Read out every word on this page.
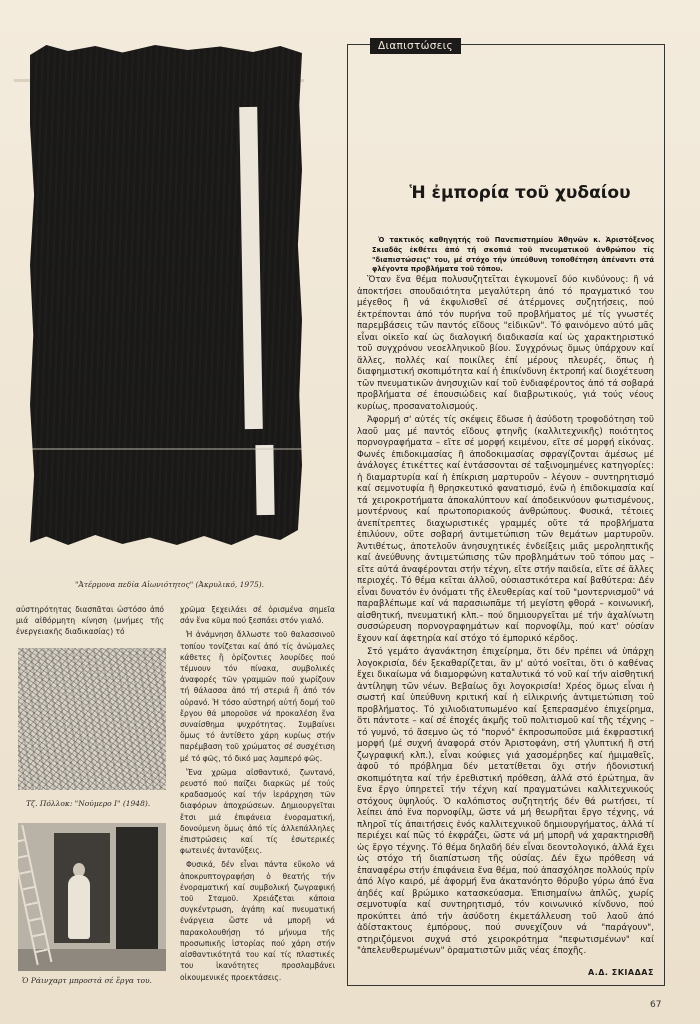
"Ἀτέρμονα πεδία Αἰωνιότητος" (Ἀκρυλικό, 1975).

αὐστηρότητας διασπᾶται ὡστόσο ἀπό μιά αἰθόρμητη κίνηση (μνήμες τῆς ἐνεργειακῆς διαδικασίας) τό

Τζ. Πόλλοκ: "Νούμερο Ι" (1948).
Ὁ Ράινχαρτ μπροστά σέ ἔργα του.

χρῶμα ξεχειλάει σέ ὁρισμένα σημεῖα σάν ἕνα κῦμα πού ξεσπάει στόν γιαλό.

Ἡ ἀνάμνηση ἄλλωστε τοῦ θαλασσινοῦ τοπίου τονίζεται καί ἀπό τίς ἀνώμαλες κάθετες ἢ ὁρίζοντιες λουρίδες πού τέμνουν τόν πίνακα, συμβολικές ἀναφορές τῶν γραμμῶν πού χωρίζουν τή θάλασσα ἀπό τή στεριά ἢ ἀπό τόν οὐρανό. Ἡ τόσο αὐστηρή αὐτή δομή τοῦ ἔργου θά μποροῦσε νά προκαλέση ἕνα συναίσθημα ψυχρότητας. Συμβαίνει ὅμως τό ἀντίθετο χάρη κυρίως στήν παρέμβαση τοῦ χρώματος σέ συσχέτιση μέ τό φῶς, τό δικό μας λαμπερό φῶς.

Ἕνα χρῶμα αἰσθαντικό, ζωντανό, ρευστό πού παίζει διαρκῶς μέ τούς κραδασμούς καί τήν ἱεράρχηση τῶν διαφόρων ἀποχρώσεων. Δημιουργεῖται ἔτσι μιά ἐπιφάνεια ἐνοραματική, δονούμενη ὅμως ἀπό τίς ἀλλεπάλληλες ἐπιστρώσεις καί τίς ἐσωτερικές φωτεινές ἀντανύξεις.

Φυσικά, δέν εἶναι πάντα εὔκολο νά ἀποκρυπτογραφήση ὁ θεατής τήν ἐνοραματική καί συμβολική ζωγραφική τοῦ Σταμοῦ. Χρειάζεται κάποια συγκέντρωση, ἀγάπη καί πνευματική ἐνάργεια ὥστε νά μπορῆ νά παρακολουθήσῃ τό μήνυμα τῆς προσωπικῆς ἱστορίας πού χάρη στήν αἰσθαντικότητά του καί τίς πλαστικές του ἱκανότητες προσλαμβάνει οἰκουμενικές προεκτάσεις.

Διαπιστώσεις
Ἡ ἐμπορία τοῦ χυδαίου
Ὁ τακτικός καθηγητής τοῦ Πανεπιστημίου Ἀθηνῶν κ. Ἀριστόξενος Σκιαδᾶς ἐκθέτει ἀπό τή σκοπιά τοῦ πνευματικοῦ ἀνθρώπου τίς "διαπιστώσεις" του, μέ στόχο τήν ὑπεύθυνη τοποθέτηση ἀπέναντι στά φλέγοντα προβλήματα τοῦ τόπου.

Ὅταν ἕνα θέμα πολυσυζητεῖται ἐγκυμονεῖ δύο κινδύνους: ἢ νά ἀποκτήσει σπουδαιότητα μεγαλύτερη ἀπό τό πραγματικό του μέγεθος ἢ νά ἐκφυλισθεῖ σέ ἀτέρμονες συζητήσεις, πού ἐκτρέπονται ἀπό τόν πυρήνα τοῦ προβλήματος μέ τίς γνωστές παρεμβάσεις τῶν παντός εἴδους "εἰδικῶν". Τό φαινόμενο αὐτό μᾶς εἶναι οἰκεῖο καί ὡς διαλογική διαδικασία καί ὡς χαρακτηριστικό τοῦ συγχρόνου νεοελληνικοῦ βίου. Συγχρόνως ὅμως ὑπάρχουν καί ἄλλες, πολλές καί ποικίλες ἐπί μέρους πλευρές, ὅπως ἡ διαφημιστική σκοπιμότητα καί ἡ ἐπικίνδυνη ἐκτροπή καί διοχέτευση τῶν πνευματικῶν ἀνησυχιῶν καί τοῦ ἐνδιαφέροντος ἀπό τά σοβαρά προβλήματα σέ ἐπουσιώδεις καί διαβρωτικούς, γιά τούς νέους κυρίως, προσανατολισμούς.

Ἀφορμή σ' αὐτές τίς σκέψεις ἔδωσε ἡ ἀσύδοτη τροφοδότηση τοῦ λαοῦ μας μέ παντός εἴδους φτηνῆς (καλλιτεχνικῆς) ποιότητος πορνογραφήματα – εἴτε σέ μορφή κειμένου, εἴτε σέ μορφή εἰκόνας. Φωνές ἐπιδοκιμασίας ἢ ἀποδοκιμασίας σφραγίζονται ἀμέσως μέ ἀνάλογες ἐτικέττες καί ἐντάσσονται σέ ταξινομημένες κατηγορίες: ἡ διαμαρτυρία καί ἡ ἐπίκριση μαρτυροῦν – λέγουν – συντηρητισμό καί σεμνοτυφία ἢ θρησκευτικό φανατισμό, ἐνῶ ἡ ἐπιδοκιμασία καί τά χειροκροτήματα ἀποκαλύπτουν καί ἀποδεικνύουν φωτισμένους, μοντέρνους καί πρωτοποριακούς ἀνθρώπους. Φυσικά, τέτοιες ἀνεπίτρεπτες διαχωριστικές γραμμές οὔτε τά προβλήματα ἐπιλύουν, οὔτε σοβαρή ἀντιμετώπιση τῶν θεμάτων μαρτυροῦν. Ἀντιθέτως, ἀποτελοῦν ἀνησυχητικές ἐνδείξεις μιᾶς μεροληπτικῆς καί ἀνεύθυνης ἀντιμετώπισης τῶν προβλημάτων τοῦ τόπου μας – εἴτε αὐτά ἀναφέρονται στήν τέχνη, εἴτε στήν παιδεία, εἴτε σέ ἄλλες περιοχές. Τό θέμα κεῖται ἀλλοῦ, οὐσιαστικότερα καί βαθύτερα: Δέν εἶναι δυνατόν ἐν ὀνόματι τῆς ἐλευθερίας καί τοῦ "μοντερνισμοῦ" νά παραβλέπωμε καί νά παρασιωπᾶμε τή μεγίστη φθορά – κοινωνική, αἰσθητική, πνευματική κλπ.– πού δημιουργεῖται μέ τήν ἀχαλίνωτη συσσώρευση πορνογραφημάτων καί πορνοφίλμ, πού κατ' οὐσίαν ἔχουν καί ἀφετηρία καί στόχο τό ἐμπορικό κέρδος.

Στό γεμάτο ἀγανάκτηση ἐπιχείρημα, ὅτι δέν πρέπει νά ὑπάρχη λογοκρισία, δέν ξεκαθαρίζεται, ἂν μ' αὐτό νοεῖται, ὅτι ὁ καθένας ἔχει δικαίωμα νά διαμορφώνη καταλυτικά τό νοῦ καί τήν αἰσθητική ἀντίληψη τῶν νέων. Βεβαίως ὄχι λογοκρισία! Χρέος ὅμως εἶναι ἡ σωστή καί ὑπεύθυνη κριτική καί ἡ εἰλικρινής ἀντιμετώπιση τοῦ προβλήματος. Τό χιλιοδιατυπωμένο καί ξεπερασμένο ἐπιχείρημα, ὅτι πάντοτε – καί σέ ἐποχές ἀκμῆς τοῦ πολιτισμοῦ καί τῆς τέχνης – τό γυμνό, τό ἄσεμνο ὡς τό "πορνό" ἐκπροσωποῦσε μιά ἐκφραστική μορφή (μέ συχνή ἀναφορά στόν Ἀριστοφάνη, στή γλυπτική ἢ στή ζωγραφική κλπ.), εἶναι κούφιες γιά χασομέρηδες καί ἡμιμαθεῖς, ἀφοῦ τό πρόβλημα δέν μετατίθεται ὄχι στήν ἠδονιστική σκοπιμότητα καί τήν ἐρεθιστική πρόθεση, ἀλλά στό ἐρώτημα, ἂν ἕνα ἔργο ὑπηρετεῖ τήν τέχνη καί πραγματώνει καλλιτεχνικούς στόχους ὑψηλούς. Ὁ καλόπιστος συζητητής δέν θά ρωτήσει, τί λείπει ἀπό ἕνα πορνοφίλμ, ὥστε νά μή θεωρῆται ἔργο τέχνης, νά πληροῖ τίς ἀπαιτήσεις ἑνός καλλιτεχνικοῦ δημιουργήματος, ἀλλά τί περιέχει καί πῶς τό ἐκφράζει, ὥστε νά μή μπορῆ νά χαρακτηρισθῆ ὡς ἔργο τέχνης. Τό θέμα δηλαδή δέν εἶναι δεοντολογικό, ἀλλά ἔχει ὡς στόχο τή διαπίστωση τῆς οὐσίας. Δέν ἔχω πρόθεση νά ἐπαναφέρω στήν ἐπιφάνεια ἕνα θέμα, πού ἀπασχόλησε πολλούς πρίν ἀπό λίγο καιρό, μέ ἀφορμή ἕνα ἀκατανόητο θόρυβο γύρω ἀπό ἕνα ἀηδές καί βρώμικο κατασκεύασμα. Ἐπισημαίνω ἁπλῶς, χωρίς σεμνοτυφία καί συντηρητισμό, τόν κοινωνικό κίνδυνο, πού προκύπτει ἀπό τήν ἀσύδοτη ἐκμετάλλευση τοῦ λαοῦ ἀπό ἀδίστακτους ἐμπόρους, πού συνεχίζουν νά "παράγουν", στηριζόμενοι συχνά στό χειροκρότημα "πεφωτισμένων" καί "ἀπελευθερωμένων" ὁραματιστῶν μιᾶς νέας ἐποχῆς.

Α.Δ. ΣΚΙΑΔΑΣ
67
